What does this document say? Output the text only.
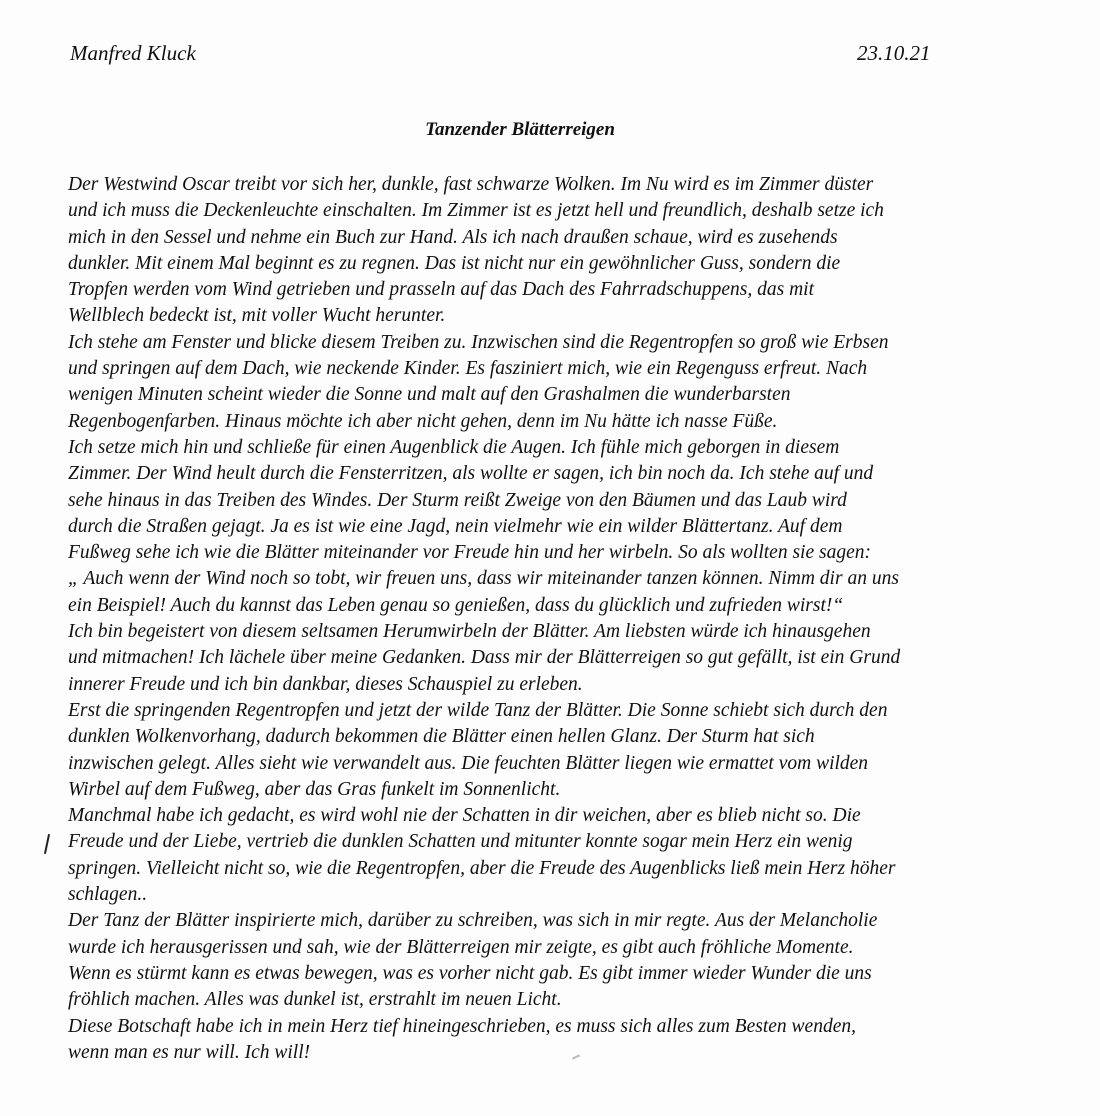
Manfred Kluck	23.10.21
Tanzender Blätterreigen
Der Westwind Oscar treibt vor sich her, dunkle, fast schwarze Wolken. Im Nu wird es im Zimmer düster
und ich muss die Deckenleuchte einschalten. Im Zimmer ist es jetzt hell und freundlich, deshalb setze ich
mich in den Sessel und nehme ein Buch zur Hand. Als ich nach draußen schaue, wird es zusehends
dunkler. Mit einem Mal beginnt es zu regnen. Das ist nicht nur ein gewöhnlicher Guss, sondern die
Tropfen werden vom Wind getrieben und prasseln auf das Dach des Fahrradschuppens, das mit
Wellblech bedeckt ist, mit voller Wucht herunter.
Ich stehe am Fenster und blicke diesem Treiben zu. Inzwischen sind die Regentropfen so groß wie Erbsen
und springen auf dem Dach, wie neckende Kinder. Es fasziniert mich, wie ein Regenguss erfreut. Nach
wenigen Minuten scheint wieder die Sonne und malt auf den Grashalmen die wunderbarsten
Regenbogenfarben. Hinaus möchte ich aber nicht gehen, denn im Nu hätte ich nasse Füße.
Ich setze mich hin und schließe für einen Augenblick die Augen. Ich fühle mich geborgen in diesem
Zimmer. Der Wind heult durch die Fensterritzen, als wollte er sagen, ich bin noch da. Ich stehe auf und
sehe hinaus in das Treiben des Windes. Der Sturm reißt Zweige von den Bäumen und das Laub wird
durch die Straßen gejagt. Ja es ist wie eine Jagd, nein vielmehr wie ein wilder Blättertanz. Auf dem
Fußweg sehe ich wie die Blätter miteinander vor Freude hin und her wirbeln. So als wollten sie sagen:
„ Auch wenn der Wind noch so tobt, wir freuen uns, dass wir miteinander tanzen können. Nimm dir an uns
ein Beispiel! Auch du kannst das Leben genau so genießen, dass du glücklich und zufrieden wirst!“
Ich bin begeistert von diesem seltsamen Herumwirbeln der Blätter. Am liebsten würde ich hinausgehen
und mitmachen! Ich lächele über meine Gedanken. Dass mir der Blätterreigen so gut gefällt, ist ein Grund
innerer Freude und ich bin dankbar, dieses Schauspiel zu erleben.
Erst die springenden Regentropfen und jetzt der wilde Tanz der Blätter. Die Sonne schiebt sich durch den
dunklen Wolkenvorhang, dadurch bekommen die Blätter einen hellen Glanz. Der Sturm hat sich
inzwischen gelegt. Alles sieht wie verwandelt aus. Die feuchten Blätter liegen wie ermattet vom wilden
Wirbel auf dem Fußweg, aber das Gras funkelt im Sonnenlicht.
Manchmal habe ich gedacht, es wird wohl nie der Schatten in dir weichen, aber es blieb nicht so. Die
Freude und der Liebe, vertrieb die dunklen Schatten und mitunter konnte sogar mein Herz ein wenig
springen. Vielleicht nicht so, wie die Regentropfen, aber die Freude des Augenblicks ließ mein Herz höher
schlagen..
Der Tanz der Blätter inspirierte mich, darüber zu schreiben, was sich in mir regte. Aus der Melancholie
wurde ich herausgerissen und sah, wie der Blätterreigen mir zeigte, es gibt auch fröhliche Momente.
Wenn es stürmt kann es etwas bewegen, was es vorher nicht gab. Es gibt immer wieder Wunder die uns
fröhlich machen. Alles was dunkel ist, erstrahlt im neuen Licht.
Diese Botschaft habe ich in mein Herz tief hineingeschrieben, es muss sich alles zum Besten wenden,
wenn man es nur will. Ich will!
